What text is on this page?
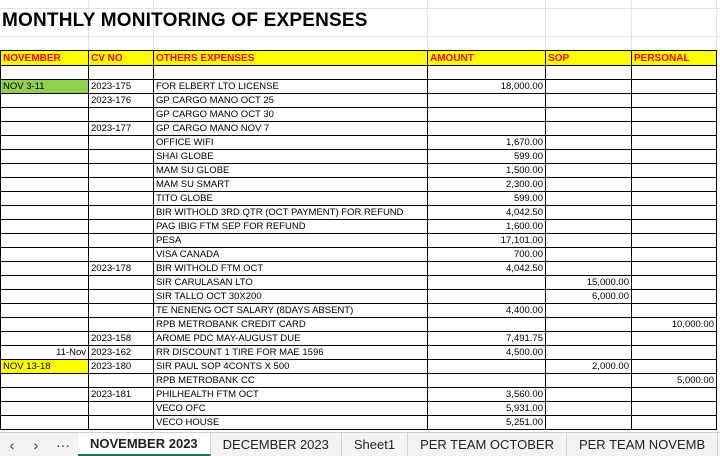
MONTHLY MONITORING OF EXPENSES
NOVEMBER	CV NO	OTHERS EXPENSES	AMOUNT	SOP	PERSONAL

NOV 3-11	2023-175	FOR ELBERT LTO LICENSE	18,000.00		
	2023-176	GP CARGO MANO OCT 25			
		GP CARGO MANO OCT 30			
	2023-177	GP CARGO MANO NOV 7			
		OFFICE WIFI	1,670.00		
		SHAI GLOBE	599.00		
		MAM SU GLOBE	1,500.00		
		MAM SU SMART	2,300.00		
		TITO GLOBE	599.00		
		BIR WITHOLD 3RD QTR (OCT PAYMENT) FOR REFUND	4,042.50		
		PAG IBIG FTM SEP FOR REFUND	1,600.00		
		PESA	17,101.00		
		VISA CANADA	700.00		
	2023-178	BIR WITHOLD FTM OCT	4,042.50		
		SIR CARULASAN LTO		15,000.00	
		SIR TALLO OCT 30X200		6,000.00	
		TE NENENG OCT SALARY (8DAYS ABSENT)	4,400.00		
		RPB METROBANK CREDIT CARD			10,000.00
	2023-158	AROME PDC MAY-AUGUST DUE	7,491.75		
11-Nov	2023-162	RR DISCOUNT 1 TIRE FOR MAE 1596	4,500.00		
NOV 13-18	2023-180	SIR PAUL SOP 4CONTS X 500		2,000.00	
		RPB METROBANK CC			5,000.00
	2023-181	PHILHEALTH FTM OCT	3,560.00		
		VECO OFC	5,931.00		
		VECO HOUSE	5,251.00		
‹	›	···	NOVEMBER 2023	DECEMBER 2023	Sheet1	PER TEAM OCTOBER	PER TEAM NOVEMB
